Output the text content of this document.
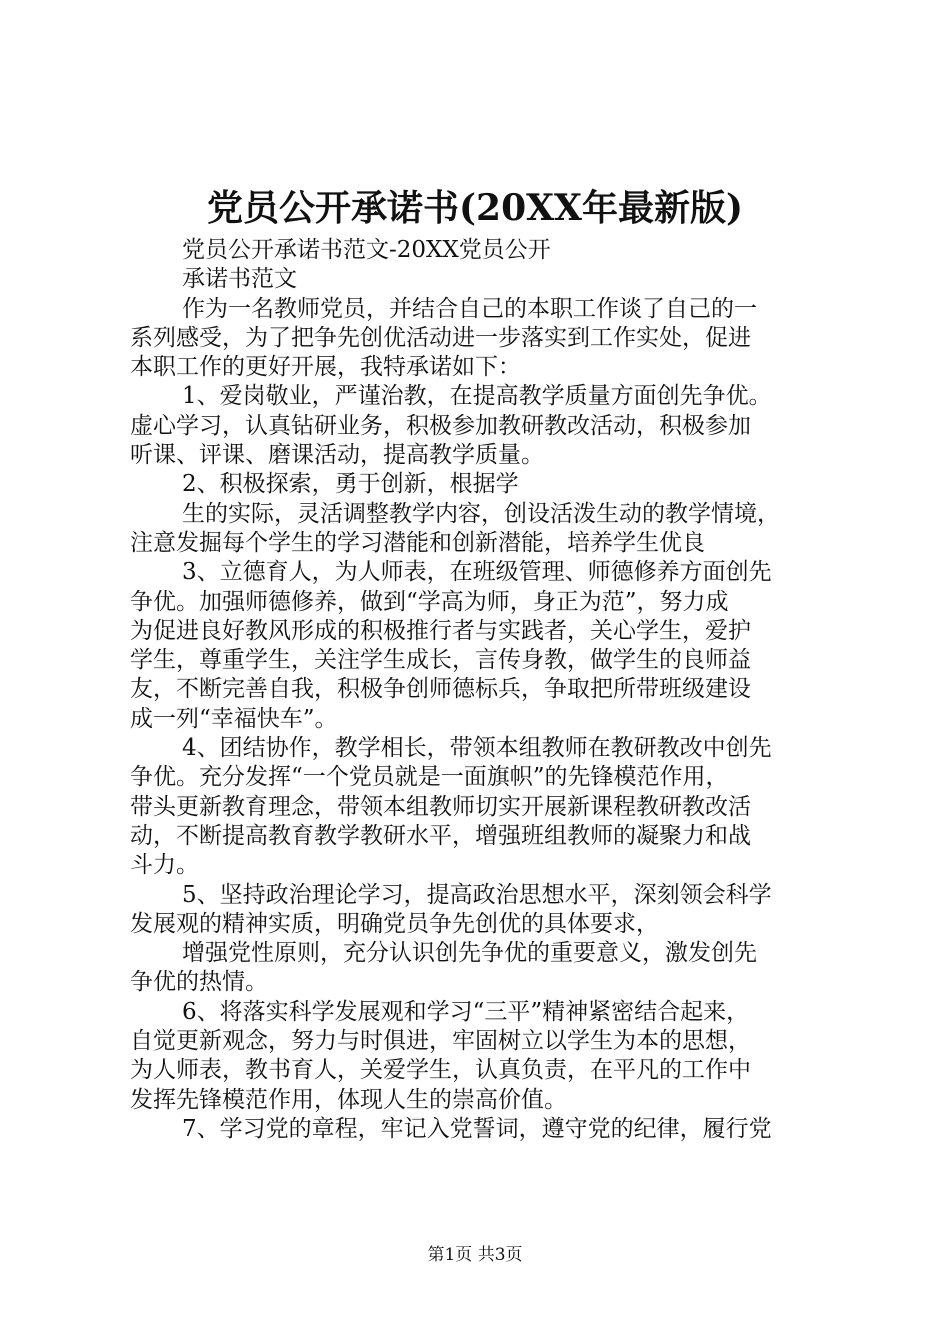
党员公开承诺书(20XX年最新版)
党员公开承诺书范文-20XX党员公开
承诺书范文
作为一名教师党员，并结合自己的本职工作谈了自己的一
系列感受，为了把争先创优活动进一步落实到工作实处，促进
本职工作的更好开展，我特承诺如下：
1、爱岗敬业，严谨治教，在提高教学质量方面创先争优。
虚心学习，认真钻研业务，积极参加教研教改活动，积极参加
听课、评课、磨课活动，提高教学质量。
2、积极探索，勇于创新，根据学
生的实际，灵活调整教学内容，创设活泼生动的教学情境，
注意发掘每个学生的学习潜能和创新潜能，培养学生优良
3、立德育人，为人师表，在班级管理、师德修养方面创先
争优。加强师德修养，做到“学高为师，身正为范”，努力成
为促进良好教风形成的积极推行者与实践者，关心学生，爱护
学生，尊重学生，关注学生成长，言传身教，做学生的良师益
友，不断完善自我，积极争创师德标兵，争取把所带班级建设
成一列“幸福快车”。
4、团结协作，教学相长，带领本组教师在教研教改中创先
争优。充分发挥“一个党员就是一面旗帜”的先锋模范作用，
带头更新教育理念，带领本组教师切实开展新课程教研教改活
动，不断提高教育教学教研水平，增强班组教师的凝聚力和战
斗力。
5、坚持政治理论学习，提高政治思想水平，深刻领会科学
发展观的精神实质，明确党员争先创优的具体要求，
增强党性原则，充分认识创先争优的重要意义，激发创先
争优的热情。
6、将落实科学发展观和学习“三平”精神紧密结合起来，
自觉更新观念，努力与时俱进，牢固树立以学生为本的思想，
为人师表，教书育人，关爱学生，认真负责，在平凡的工作中
发挥先锋模范作用，体现人生的崇高价值。
7、学习党的章程，牢记入党誓词，遵守党的纪律，履行党
第1页 共3页
